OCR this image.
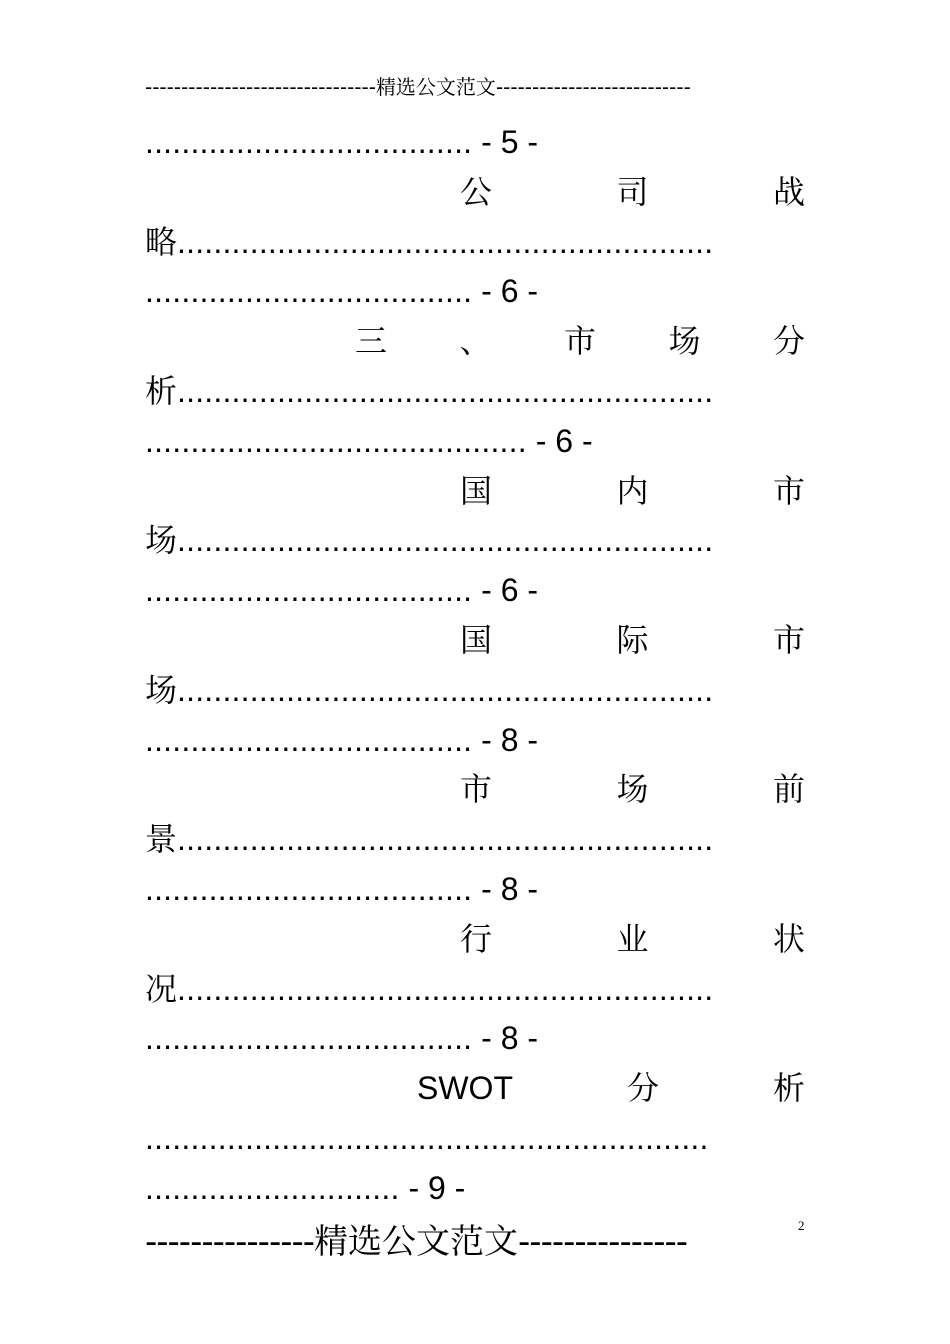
--------------------------------精选公文范文---------------------------
.................................... - 5 -
公	司	战
略...........................................................
.................................... - 6 -
三 、 市 场 分
析...........................................................
.......................................... - 6 -
国	内	市
场...........................................................
.................................... - 6 -
国	际	市
场...........................................................
.................................... - 8 -
市	场	前
景...........................................................
.................................... - 8 -
行	业	状
况...........................................................
.................................... - 8 -
SWOT	分	析
..............................................................
............................ - 9 -
---------------精选公文范文---------------	2
